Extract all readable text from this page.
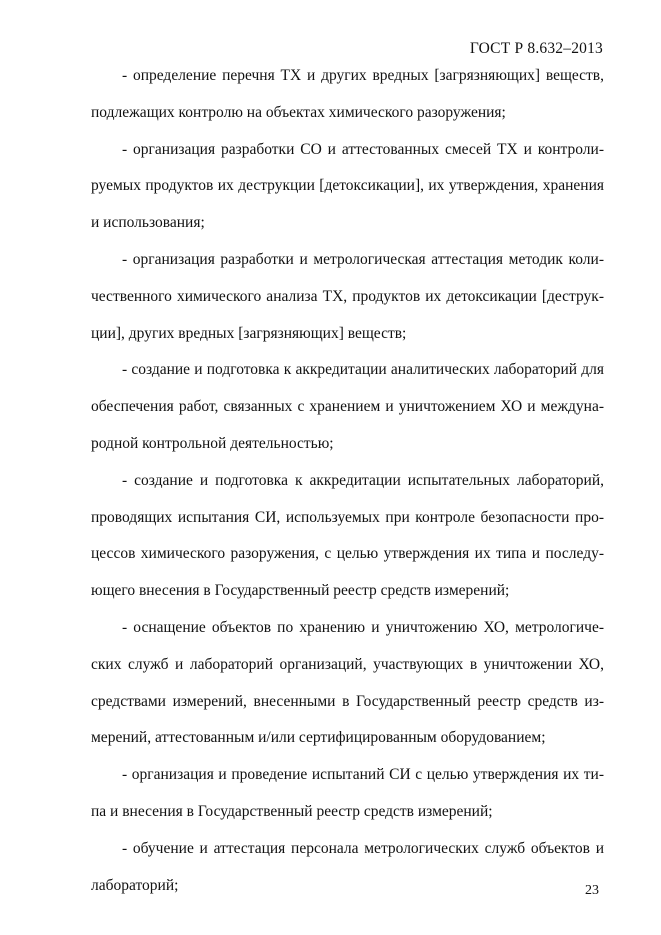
ГОСТ Р 8.632–2013
- определение перечня ТХ и других вредных [загрязняющих] веществ,
подлежащих контролю на объектах химического разоружения;
- организация разработки СО и аттестованных смесей ТХ и контроли-
руемых продуктов их деструкции [детоксикации], их утверждения, хранения
и использования;
- организация разработки и метрологическая аттестация методик коли-
чественного химического анализа ТХ, продуктов их детоксикации [деструк-
ции], других вредных [загрязняющих] веществ;
- создание и подготовка к аккредитации аналитических лабораторий для
обеспечения работ, связанных с хранением и уничтожением ХО и междуна-
родной контрольной деятельностью;
- создание и подготовка к аккредитации испытательных лабораторий,
проводящих испытания СИ, используемых при контроле безопасности про-
цессов химического разоружения, с целью утверждения их типа и последу-
ющего внесения в Государственный реестр средств измерений;
- оснащение объектов по хранению и уничтожению ХО, метрологиче-
ских служб и лабораторий организаций, участвующих в уничтожении ХО,
средствами измерений, внесенными в Государственный реестр средств из-
мерений, аттестованным и/или сертифицированным оборудованием;
- организация и проведение испытаний СИ с целью утверждения их ти-
па и внесения в Государственный реестр средств измерений;
- обучение и аттестация персонала метрологических служб объектов и
лабораторий;	23
